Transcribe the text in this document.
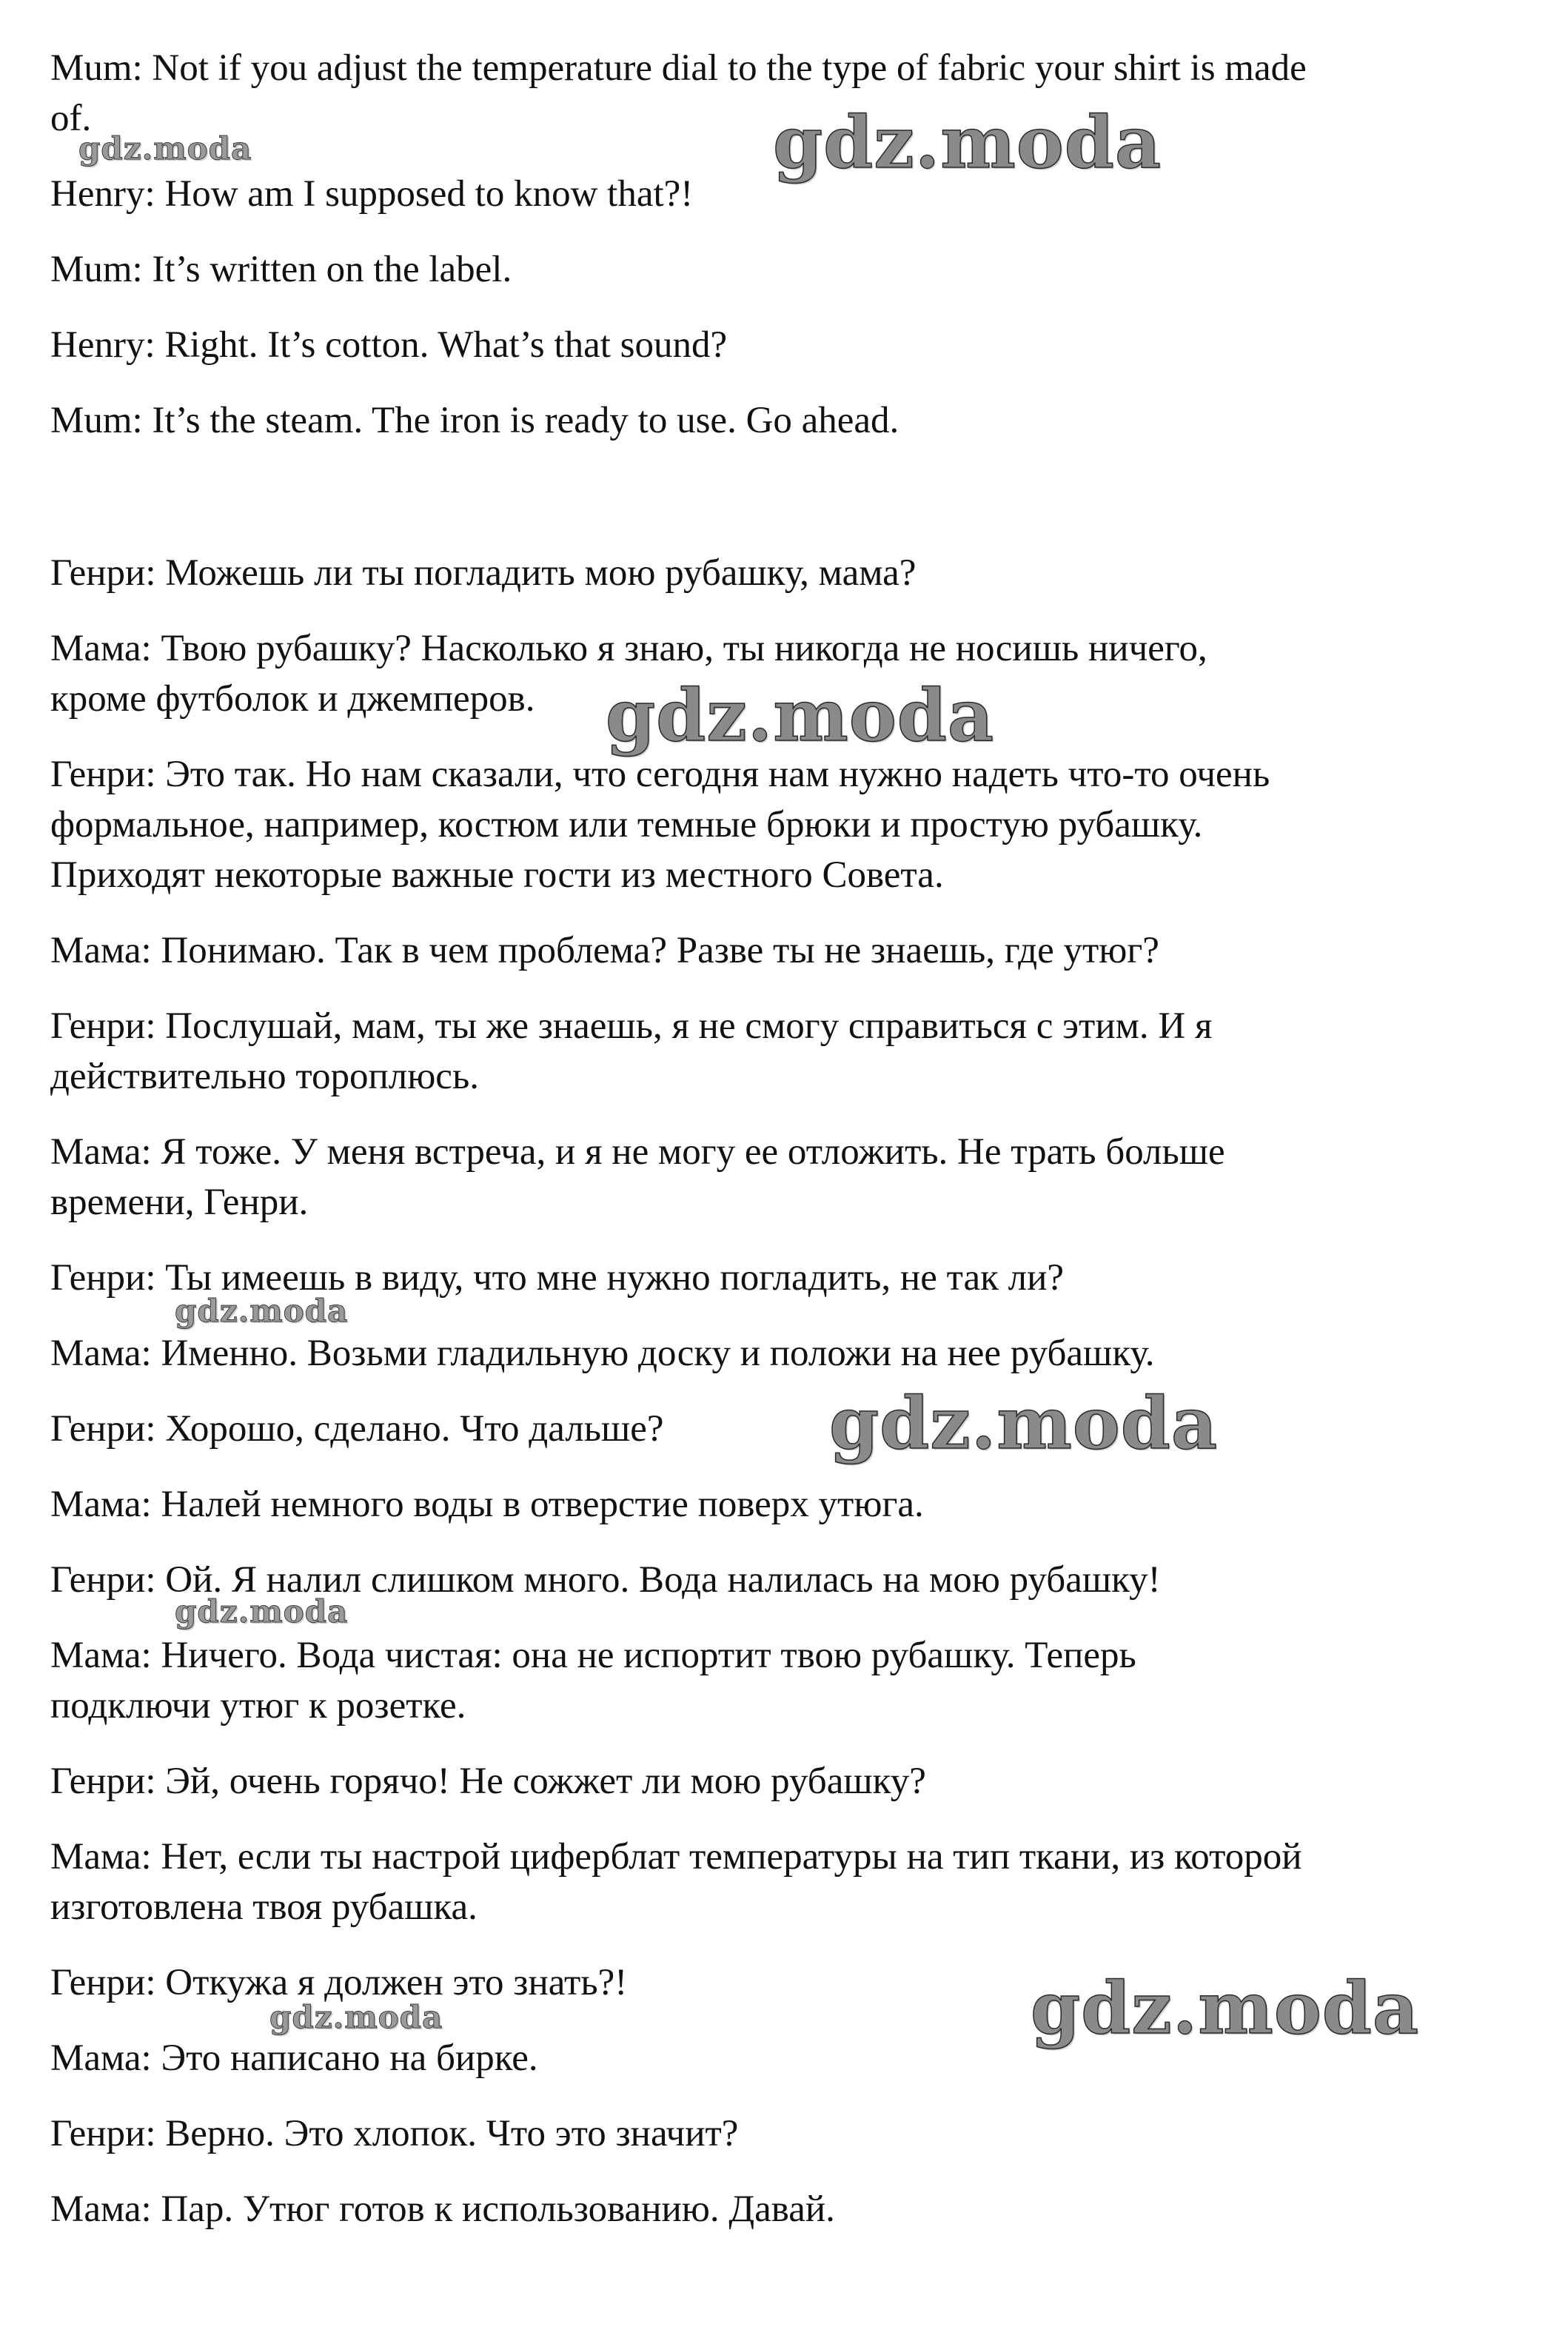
Mum: Not if you adjust the temperature dial to the type of fabric your shirt is made
of.
Henry: How am I supposed to know that?!
Mum: It’s written on the label.
Henry: Right. It’s cotton. What’s that sound?
Mum: It’s the steam. The iron is ready to use. Go ahead.
Генри: Можешь ли ты погладить мою рубашку, мама?
Мама: Твою рубашку? Насколько я знаю, ты никогда не носишь ничего,
кроме футболок и джемперов.
Генри: Это так. Но нам сказали, что сегодня нам нужно надеть что-то очень
формальное, например, костюм или темные брюки и простую рубашку.
Приходят некоторые важные гости из местного Совета.
Мама: Понимаю. Так в чем проблема? Разве ты не знаешь, где утюг?
Генри: Послушай, мам, ты же знаешь, я не смогу справиться с этим. И я
действительно тороплюсь.
Мама: Я тоже. У меня встреча, и я не могу ее отложить. Не трать больше
времени, Генри.
Генри: Ты имеешь в виду, что мне нужно погладить, не так ли?
Мама: Именно. Возьми гладильную доску и положи на нее рубашку.
Генри: Хорошо, сделано. Что дальше?
Мама: Налей немного воды в отверстие поверх утюга.
Генри: Ой. Я налил слишком много. Вода налилась на мою рубашку!
Мама: Ничего. Вода чистая: она не испортит твою рубашку. Теперь
подключи утюг к розетке.
Генри: Эй, очень горячо! Не сожжет ли мою рубашку?
Мама: Нет, если ты настрой циферблат температуры на тип ткани, из которой
изготовлена твоя рубашка.
Генри: Откужа я должен это знать?!
Мама: Это написано на бирке.
Генри: Верно. Это хлопок. Что это значит?
Мама: Пар. Утюг готов к использованию. Давай.
gdz.moda	gdz.moda
gdz.moda
gdz.moda
gdz.moda
gdz.moda
gdz.moda
gdz.moda
